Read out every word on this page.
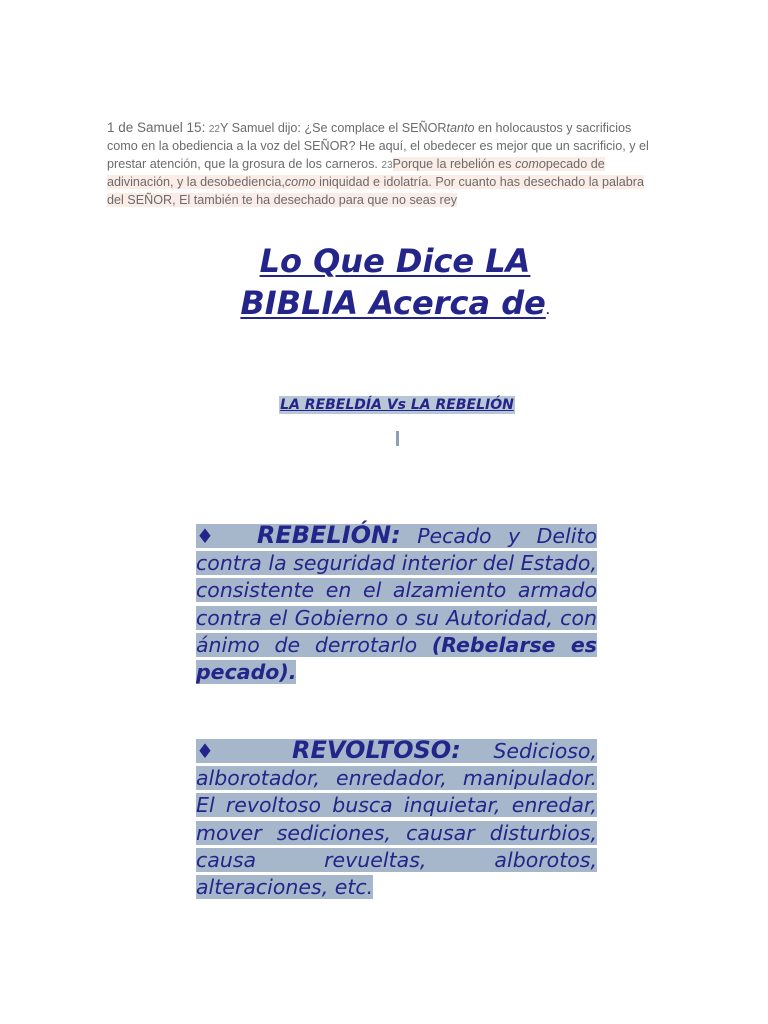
1 de Samuel 15: 22Y Samuel dijo: ¿Se complace el SEÑORtanto en holocaustos y sacrificios como en la obediencia a la voz del SEÑOR? He aquí, el obedecer es mejor que un sacrificio, y el prestar atención, que la grosura de los carneros. 23Porque la rebelión es comopecado de adivinación, y la desobediencia,como iniquidad e idolatría. Por cuanto has desechado la palabra del SEÑOR, El también te ha desechado para que no seas rey
Lo Que Dice LA
BIBLIA Acerca de.
LA REBELDÍA Vs LA REBELIÓN
♦ REBELIÓN: Pecado y Delito contra la seguridad interior del Estado, consistente en el alzamiento armado contra el Gobierno o su Autoridad, con ánimo de derrotarlo (Rebelarse es pecado).
♦ REVOLTOSO: Sedicioso, alborotador, enredador, manipulador. El revoltoso busca inquietar, enredar, mover sediciones, causar disturbios, causa revueltas, alborotos, alteraciones, etc.
